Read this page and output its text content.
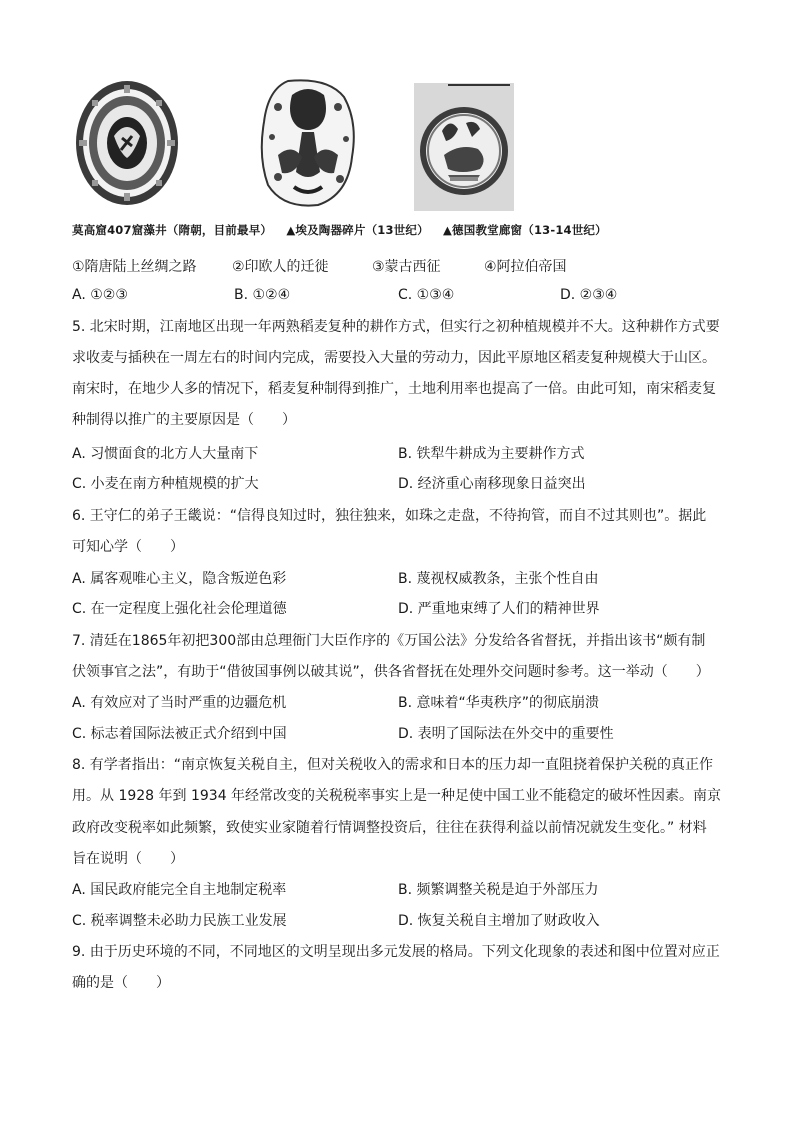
莫高窟407窟藻井（隋朝，目前最早） ▲埃及陶器碎片（13世纪） ▲德国教堂廊窗（13-14世纪）
①隋唐陆上丝绸之路	②印欧人的迁徙	③蒙古西征	④阿拉伯帝国
A. ①②③	B. ①②④	C. ①③④	D. ②③④
5. 北宋时期，江南地区出现一年两熟稻麦复种的耕作方式，但实行之初种植规模并不大。这种耕作方式要
求收麦与插秧在一周左右的时间内完成，需要投入大量的劳动力，因此平原地区稻麦复种规模大于山区。
南宋时，在地少人多的情况下，稻麦复种制得到推广，土地利用率也提高了一倍。由此可知，南宋稻麦复
种制得以推广的主要原因是（　　）
A. 习惯面食的北方人大量南下	B. 铁犁牛耕成为主要耕作方式
C. 小麦在南方种植规模的扩大	D. 经济重心南移现象日益突出
6. 王守仁的弟子王畿说：“信得良知过时，独往独来，如珠之走盘，不待拘管，而自不过其则也”。据此
可知心学（　　）
A. 属客观唯心主义，隐含叛逆色彩	B. 蔑视权威教条，主张个性自由
C. 在一定程度上强化社会伦理道德	D. 严重地束缚了人们的精神世界
7. 清廷在1865年初把300部由总理衙门大臣作序的《万国公法》分发给各省督抚，并指出该书“颇有制
伏领事官之法”，有助于“借彼国事例以破其说”，供各省督抚在处理外交问题时参考。这一举动（　　）
A. 有效应对了当时严重的边疆危机	B. 意味着“华夷秩序”的彻底崩溃
C. 标志着国际法被正式介绍到中国	D. 表明了国际法在外交中的重要性
8. 有学者指出：“南京恢复关税自主，但对关税收入的需求和日本的压力却一直阻挠着保护关税的真正作
用。从 1928 年到 1934 年经常改变的关税税率事实上是一种足使中国工业不能稳定的破坏性因素。南京
政府改变税率如此频繁，致使实业家随着行情调整投资后，往往在获得利益以前情况就发生变化。” 材料
旨在说明（　　）
A. 国民政府能完全自主地制定税率	B. 频繁调整关税是迫于外部压力
C. 税率调整未必助力民族工业发展	D. 恢复关税自主增加了财政收入
9. 由于历史环境的不同，不同地区的文明呈现出多元发展的格局。下列文化现象的表述和图中位置对应正
确的是（　　）
